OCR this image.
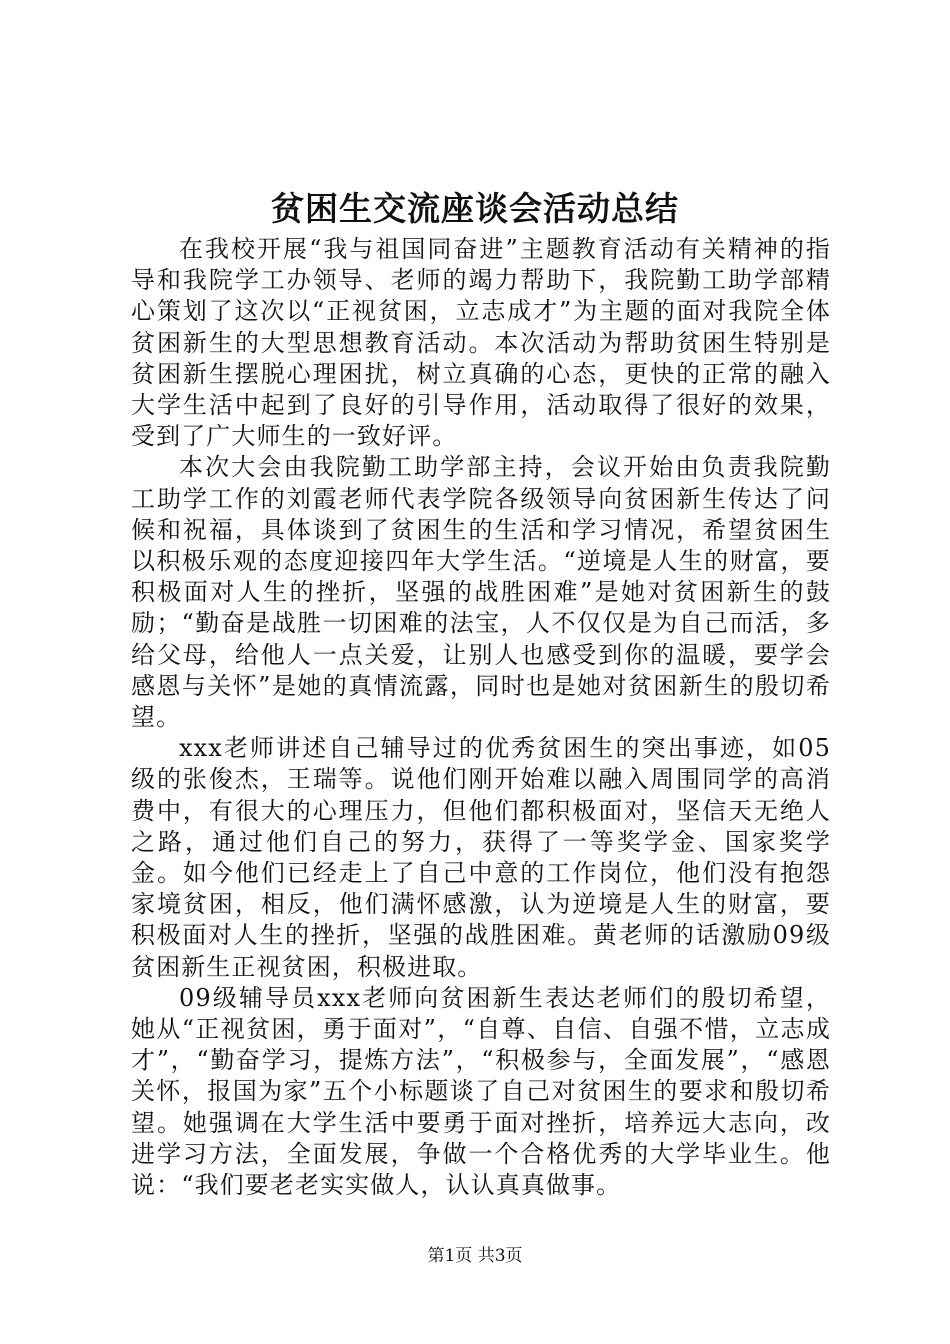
贫困生交流座谈会活动总结

在我校开展“我与祖国同奋进”主题教育活动有关精神的指导和我院学工办领导、老师的竭力帮助下，我院勤工助学部精心策划了这次以“正视贫困，立志成才”为主题的面对我院全体贫困新生的大型思想教育活动。本次活动为帮助贫困生特别是贫困新生摆脱心理困扰，树立真确的心态，更快的正常的融入大学生活中起到了良好的引导作用，活动取得了很好的效果，受到了广大师生的一致好评。

本次大会由我院勤工助学部主持，会议开始由负责我院勤工助学工作的刘霞老师代表学院各级领导向贫困新生传达了问候和祝福，具体谈到了贫困生的生活和学习情况，希望贫困生以积极乐观的态度迎接四年大学生活。“逆境是人生的财富，要积极面对人生的挫折，坚强的战胜困难”是她对贫困新生的鼓励；“勤奋是战胜一切困难的法宝，人不仅仅是为自己而活，多给父母，给他人一点关爱，让别人也感受到你的温暖，要学会感恩与关怀”是她的真情流露，同时也是她对贫困新生的殷切希望。

xxx老师讲述自己辅导过的优秀贫困生的突出事迹，如05级的张俊杰，王瑞等。说他们刚开始难以融入周围同学的高消费中，有很大的心理压力，但他们都积极面对，坚信天无绝人之路，通过他们自己的努力，获得了一等奖学金、国家奖学金。如今他们已经走上了自己中意的工作岗位，他们没有抱怨家境贫困，相反，他们满怀感激，认为逆境是人生的财富，要积极面对人生的挫折，坚强的战胜困难。黄老师的话激励09级贫困新生正视贫困，积极进取。

09级辅导员xxx老师向贫困新生表达老师们的殷切希望，她从“正视贫困，勇于面对”，“自尊、自信、自强不惜，立志成才”，“勤奋学习，提炼方法”，“积极参与，全面发展”，“感恩关怀，报国为家”五个小标题谈了自己对贫困生的要求和殷切希望。她强调在大学生活中要勇于面对挫折，培养远大志向，改进学习方法，全面发展，争做一个合格优秀的大学毕业生。他说：“我们要老老实实做人，认认真真做事。

第1页 共3页
